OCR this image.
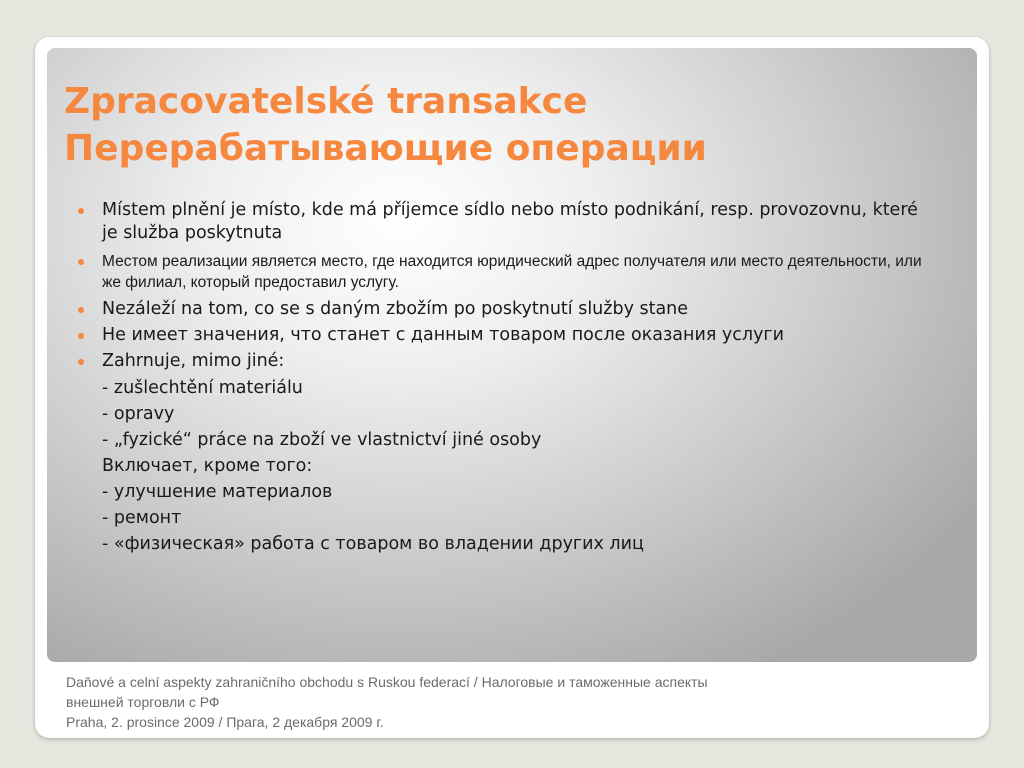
Zpracovatelské transakce
Перерабатывающие операции
Místem plnění je místo, kde má příjemce sídlo nebo místo podnikání, resp. provozovnu, které je služba poskytnuta
Местом реализации является место, где находится юридический адрес получателя или место деятельности, или же филиал, который предоставил услугу.
Nezáleží na tom, co se s daným zbožím po poskytnutí služby stane
Не имеет значения, что станет с данным товаром после оказания услуги
Zahrnuje, mimo jiné:
- zušlechtění materiálu
- opravy
- „fyzické“ práce na zboží ve vlastnictví jiné osoby
Включает, кроме того:
- улучшение материалов
- ремонт
- «физическая» работа с товаром во владении других лиц
Daňové a celní aspekty zahraničního obchodu s Ruskou federací / Налоговые и таможенные аспекты
внешней торговли с РФ
Praha, 2. prosince 2009 / Прага, 2 декабря 2009 г.
